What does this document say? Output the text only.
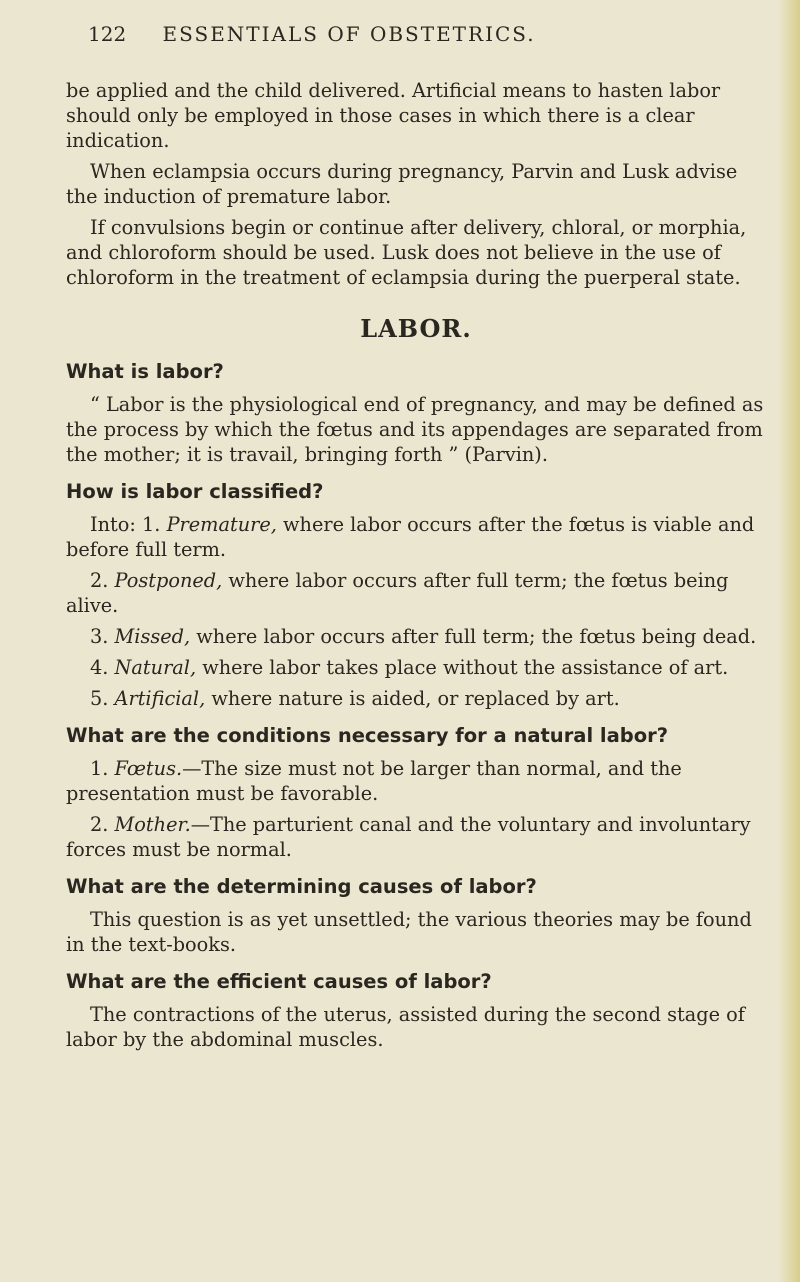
122 ESSENTIALS OF OBSTETRICS.

be applied and the child delivered. Artificial means to hasten labor should only be employed in those cases in which there is a clear indication.

When eclampsia occurs during pregnancy, Parvin and Lusk advise the induction of premature labor.

If convulsions begin or continue after delivery, chloral, or morphia, and chloroform should be used. Lusk does not believe in the use of chloroform in the treatment of eclampsia during the puerperal state.

LABOR.
What is labor?

“ Labor is the physiological end of pregnancy, and may be defined as the process by which the fœtus and its appendages are separated from the mother; it is travail, bringing forth ” (Parvin).

How is labor classified?

Into: 1. Premature, where labor occurs after the fœtus is viable and before full term.

2. Postponed, where labor occurs after full term; the fœtus being alive.

3. Missed, where labor occurs after full term; the fœtus being dead.

4. Natural, where labor takes place without the assistance of art.

5. Artificial, where nature is aided, or replaced by art.

What are the conditions necessary for a natural labor?

1. Fœtus.—The size must not be larger than normal, and the presentation must be favorable.

2. Mother.—The parturient canal and the voluntary and involuntary forces must be normal.

What are the determining causes of labor?

This question is as yet unsettled; the various theories may be found in the text-books.

What are the efficient causes of labor?

The contractions of the uterus, assisted during the second stage of labor by the abdominal muscles.
